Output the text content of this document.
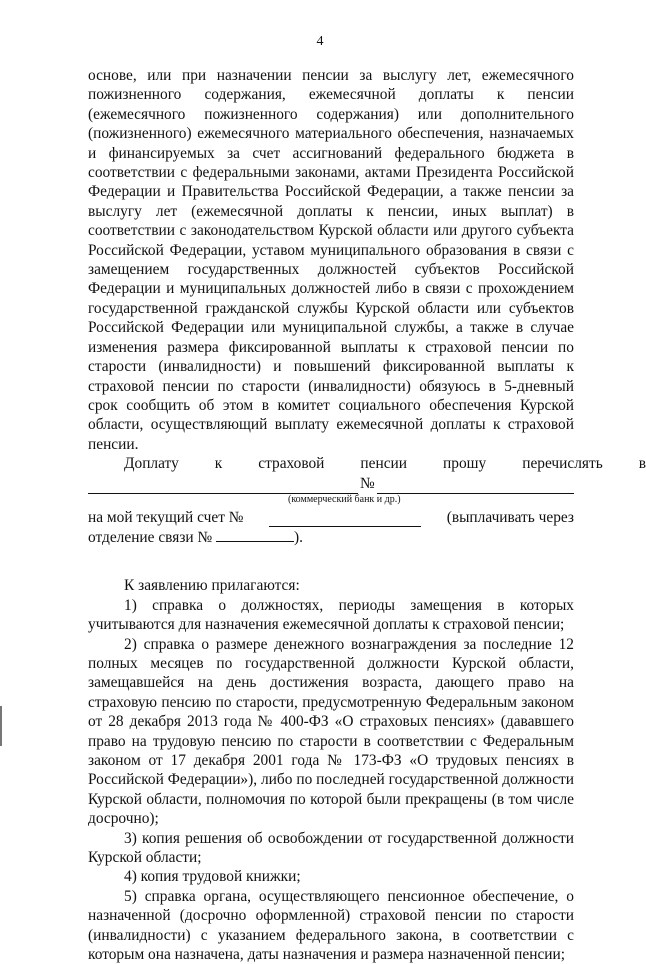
4

основе, или при назначении пенсии за выслугу лет, ежемесячного пожизненного содержания, ежемесячной доплаты к пенсии (ежемесячного пожизненного содержания) или дополнительного (пожизненного) ежемесячного материального обеспечения, назначаемых и финансируемых за счет ассигнований федерального бюджета в соответствии с федеральными законами, актами Президента Российской Федерации и Правительства Российской Федерации, а также пенсии за выслугу лет (ежемесячной доплаты к пенсии, иных выплат) в соответствии с законодательством Курской области или другого субъекта Российской Федерации, уставом муниципального образования в связи с замещением государственных должностей субъектов Российской Федерации и муниципальных должностей либо в связи с прохождением государственной гражданской службы Курской области или субъектов Российской Федерации или муниципальной службы, а также в случае изменения размера фиксированной выплаты к страховой пенсии по старости (инвалидности) и повышений фиксированной выплаты к страховой пенсии по старости (инвалидности) обязуюсь в 5-дневный срок сообщить об этом в комитет социального обеспечения Курской области, осуществляющий выплату ежемесячной доплаты к страховой пенсии.

Доплату	к	страховой	пенсии	прошу	перечислять	в
№
(коммерческий банк и др.)
на мой текущий счет №	(выплачивать через
отделение связи №	).

К заявлению прилагаются:

1) справка о должностях, периоды замещения в которых учитываются для назначения ежемесячной доплаты к страховой пенсии;

2) справка о размере денежного вознаграждения за последние 12 полных месяцев по государственной должности Курской области, замещавшейся на день достижения возраста, дающего право на страховую пенсию по старости, предусмотренную Федеральным законом от 28 декабря 2013 года № 400-ФЗ «О страховых пенсиях» (дававшего право на трудовую пенсию по старости в соответствии с Федеральным законом от 17 декабря 2001 года № 173-ФЗ «О трудовых пенсиях в Российской Федерации»), либо по последней государственной должности Курской области, полномочия по которой были прекращены (в том числе досрочно);

3) копия решения об освобождении от государственной должности Курской области;

4) копия трудовой книжки;

5) справка органа, осуществляющего пенсионное обеспечение, о назначенной (досрочно оформленной) страховой пенсии по старости (инвалидности) с указанием федерального закона, в соответствии с которым она назначена, даты назначения и размера назначенной пенсии;
